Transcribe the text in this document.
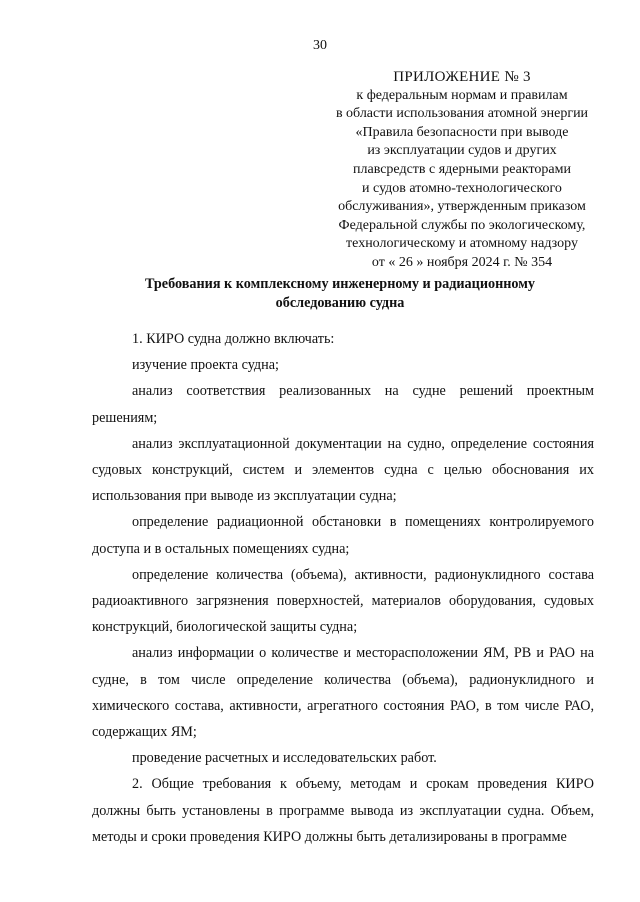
30
ПРИЛОЖЕНИЕ № 3
к федеральным нормам и правилам
в области использования атомной энергии
«Правила безопасности при выводе
из эксплуатации судов и других
плавсредств с ядерными реакторами
и судов атомно-технологического
обслуживания», утвержденным приказом
Федеральной службы по экологическому,
технологическому и атомному надзору
от « 26 » ноября 2024 г. № 354
Требования к комплексному инженерному и радиационному
обследованию судна

1. КИРО судна должно включать:

изучение проекта судна;

анализ соответствия реализованных на судне решений проектным решениям;

анализ эксплуатационной документации на судно, определение состояния судовых конструкций, систем и элементов судна с целью обоснования их использования при выводе из эксплуатации судна;

определение радиационной обстановки в помещениях контролируемого доступа и в остальных помещениях судна;

определение количества (объема), активности, радионуклидного состава радиоактивного загрязнения поверхностей, материалов оборудования, судовых конструкций, биологической защиты судна;

анализ информации о количестве и месторасположении ЯМ, РВ и РАО на судне, в том числе определение количества (объема), радионуклидного и химического состава, активности, агрегатного состояния РАО, в том числе РАО, содержащих ЯМ;

проведение расчетных и исследовательских работ.

2. Общие требования к объему, методам и срокам проведения КИРО должны быть установлены в программе вывода из эксплуатации судна. Объем, методы и сроки проведения КИРО должны быть детализированы в программе
